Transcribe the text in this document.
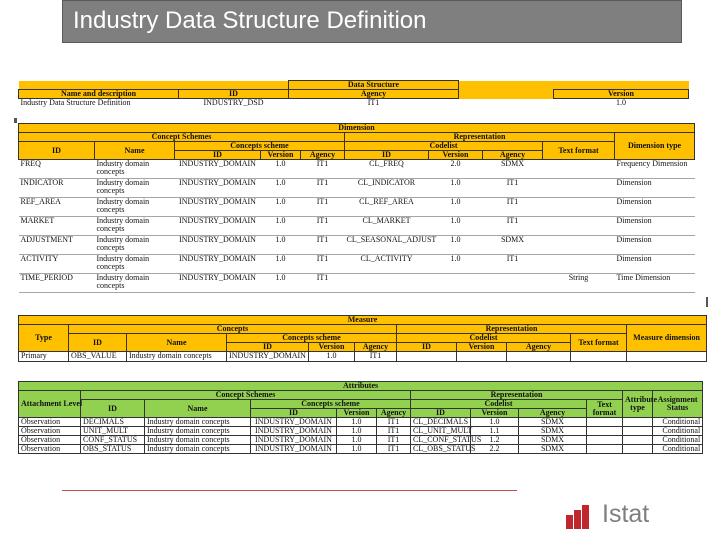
Industry Data Structure Definition
		Data Structure		
Name and description	ID	Agency		Version
Industry Data Structure Definition	INDUSTRY_DSD	IT1		1.0
Dimension									
Concept Schemes					Representation				Dimension type
ID	Name	Concepts scheme			Codelist			Text format	
		ID	Version	Agency	ID	Version	Agency		
FREQ	Industry domain concepts	INDUSTRY_DOMAIN	1.0	IT1	CL_FREQ	2.0	SDMX		Frequency Dimension
INDICATOR	Industry domain concepts	INDUSTRY_DOMAIN	1.0	IT1	CL_INDICATOR	1.0	IT1		Dimension
REF_AREA	Industry domain concepts	INDUSTRY_DOMAIN	1.0	IT1	CL_REF_AREA	1.0	IT1		Dimension
MARKET	Industry domain concepts	INDUSTRY_DOMAIN	1.0	IT1	CL_MARKET	1.0	IT1		Dimension
ADJUSTMENT	Industry domain concepts	INDUSTRY_DOMAIN	1.0	IT1	CL_SEASONAL_ADJUST	1.0	SDMX		Dimension
ACTIVITY	Industry domain concepts	INDUSTRY_DOMAIN	1.0	IT1	CL_ACTIVITY	1.0	IT1		Dimension
TIME_PERIOD	Industry domain concepts	INDUSTRY_DOMAIN	1.0	IT1				String	Time Dimension
Measure										
Type	Concepts					Representation				Measure dimension
	ID	Name	Concepts scheme			Codelist			Text format	
			ID	Version	Agency	ID	Version	Agency		
Primary	OBS_VALUE	Industry domain concepts	INDUSTRY_DOMAIN	1.0	IT1					
Attributes											
Attachment Level	Concept Schemes					Representation				Attribute type	Assignment Status
	ID	Name	Concepts scheme			Codelist			Text format		
			ID	Version	Agency	ID	Version	Agency			
Observation	DECIMALS	Industry domain concepts	INDUSTRY_DOMAIN	1.0	IT1	CL_DECIMALS	1.0	SDMX			Conditional
Observation	UNIT_MULT	Industry domain concepts	INDUSTRY_DOMAIN	1.0	IT1	CL_UNIT_MULT	1.1	SDMX			Conditional
Observation	CONF_STATUS	Industry domain concepts	INDUSTRY_DOMAIN	1.0	IT1	CL_CONF_STATUS	1.2	SDMX			Conditional
Observation	OBS_STATUS	Industry domain concepts	INDUSTRY_DOMAIN	1.0	IT1	CL_OBS_STATUS	2.2	SDMX			Conditional
Istat
